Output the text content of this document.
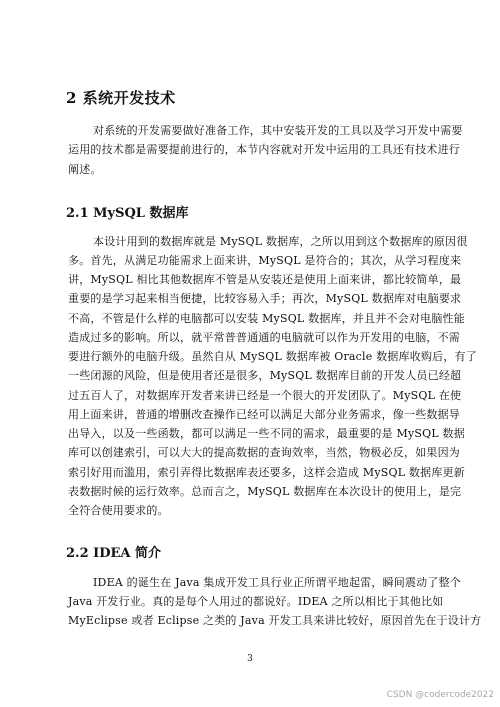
2 系统开发技术
对系统的开发需要做好准备工作，其中安装开发的工具以及学习开发中需要
运用的技术都是需要提前进行的，本节内容就对开发中运用的工具还有技术进行
阐述。
2.1 MySQL 数据库
本设计用到的数据库就是 MySQL 数据库，之所以用到这个数据库的原因很
多。首先，从满足功能需求上面来讲，MySQL 是符合的；其次，从学习程度来
讲，MySQL 相比其他数据库不管是从安装还是使用上面来讲，都比较简单，最
重要的是学习起来相当便捷，比较容易入手；再次，MySQL 数据库对电脑要求
不高，不管是什么样的电脑都可以安装 MySQL 数据库，并且并不会对电脑性能
造成过多的影响。所以，就平常普普通通的电脑就可以作为开发用的电脑，不需
要进行额外的电脑升级。虽然自从 MySQL 数据库被 Oracle 数据库收购后，有了
一些闭源的风险，但是使用者还是很多，MySQL 数据库目前的开发人员已经超
过五百人了，对数据库开发者来讲已经是一个很大的开发团队了。MySQL 在使
用上面来讲，普通的增删改查操作已经可以满足大部分业务需求，像一些数据导
出导入，以及一些函数，都可以满足一些不同的需求，最重要的是 MySQL 数据
库可以创建索引，可以大大的提高数据的查询效率，当然，物极必反，如果因为
索引好用而滥用，索引弄得比数据库表还要多，这样会造成 MySQL 数据库更新
表数据时候的运行效率。总而言之，MySQL 数据库在本次设计的使用上，是完
全符合使用要求的。
2.2 IDEA 简介
IDEA 的诞生在 Java 集成开发工具行业正所谓平地起雷，瞬间震动了整个
Java 开发行业。真的是每个人用过的都说好。IDEA 之所以相比于其他比如
MyEclipse 或者 Eclipse 之类的 Java 开发工具来讲比较好，原因首先在于设计方
3
CSDN @codercode2022
